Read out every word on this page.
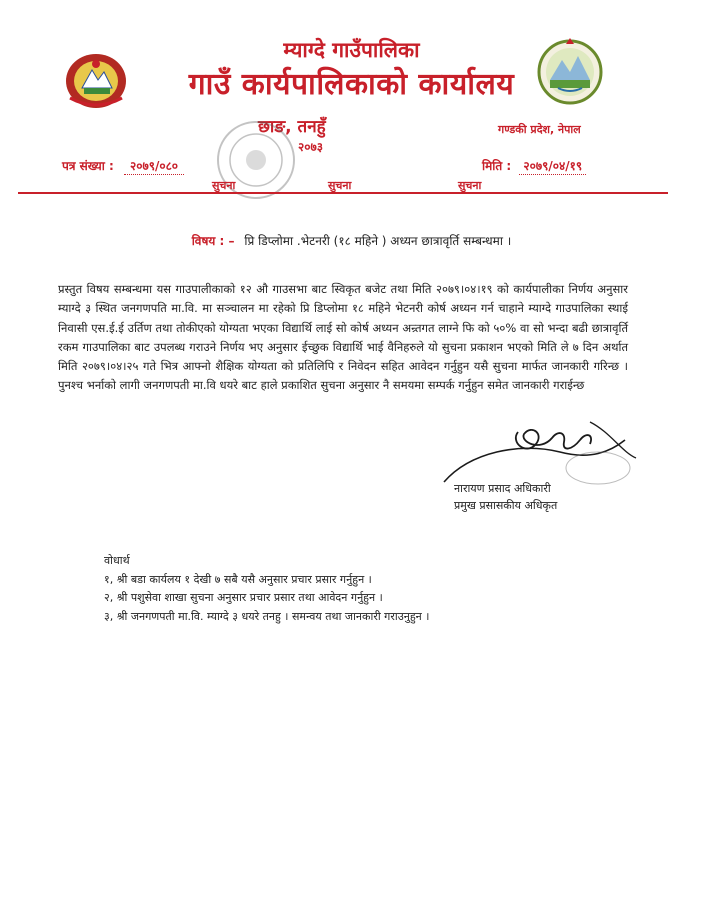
म्याग्दे गाउँपालिका
गाउँ कार्यपालिकाको कार्यालय
छाङ, तनहुँ
२०७३
गण्डकी प्रदेश, नेपाल
पत्र संख्या : २०७९/०८०	मिति : २०७९/०४/१९
सुचना	सुचना	सुचना
विषय : – प्रि डिप्लोमा .भेटनरी (१८ महिने ) अध्यन छात्रावृर्ति सम्बन्धमा ।
प्रस्तुत विषय सम्बन्धमा यस गाउपालीकाको १२ औ गाउसभा बाट स्विकृत बजेट तथा मिति २०७९।०४।१९ को कार्यपालीका निर्णय अनुसार म्याग्दे ३ स्थित जनगणपति मा.वि. मा सञ्चालन मा रहेको प्रि डिप्लोमा १८ महिने भेटनरी कोर्ष अध्यन गर्न चाहाने म्याग्दे गाउपालिका स्थाई निवासी एस.ई.ई उर्तिण तथा तोकीएको योग्यता भएका विद्यार्थि लाई सो कोर्ष अध्यन अन्र्तगत लाग्ने फि को ५०% वा सो भन्दा बढी छात्रावृर्ति रकम गाउपालिका बाट उपलब्ध गराउने निर्णय भए अनुसार ईच्छुक विद्यार्थि भाई वैनिहरुले यो सुचना प्रकाशन भएको मिति ले ७ दिन अर्थात मिति २०७९।०४।२५ गते भित्र आफ्नो शैक्षिक योग्यता को प्रतिलिपि र निवेदन सहित आवेदन गर्नुहुन यसै सुचना मार्फत जानकारी गरिन्छ । पुनश्च भर्नाको लागी जनगणपती मा.वि धयरे बाट हाले प्रकाशित सुचना अनुसार नै समयमा सम्पर्क गर्नुहुन समेत जानकारी गराईन्छ
नारायण प्रसाद अधिकारी
प्रमुख प्रसासकीय अधिकृत
वोधार्थ
१, श्री बडा कार्यलय १ देखी ७ सबै यसै अनुसार प्रचार प्रसार गर्नुहुन ।
२, श्री पशुसेवा शाखा सुचना अनुसार प्रचार प्रसार तथा आवेदन गर्नुहुन ।
३, श्री जनगणपती मा.वि. म्याग्दे ३ धयरे तनहु । समन्वय तथा जानकारी गराउनुहुन ।
